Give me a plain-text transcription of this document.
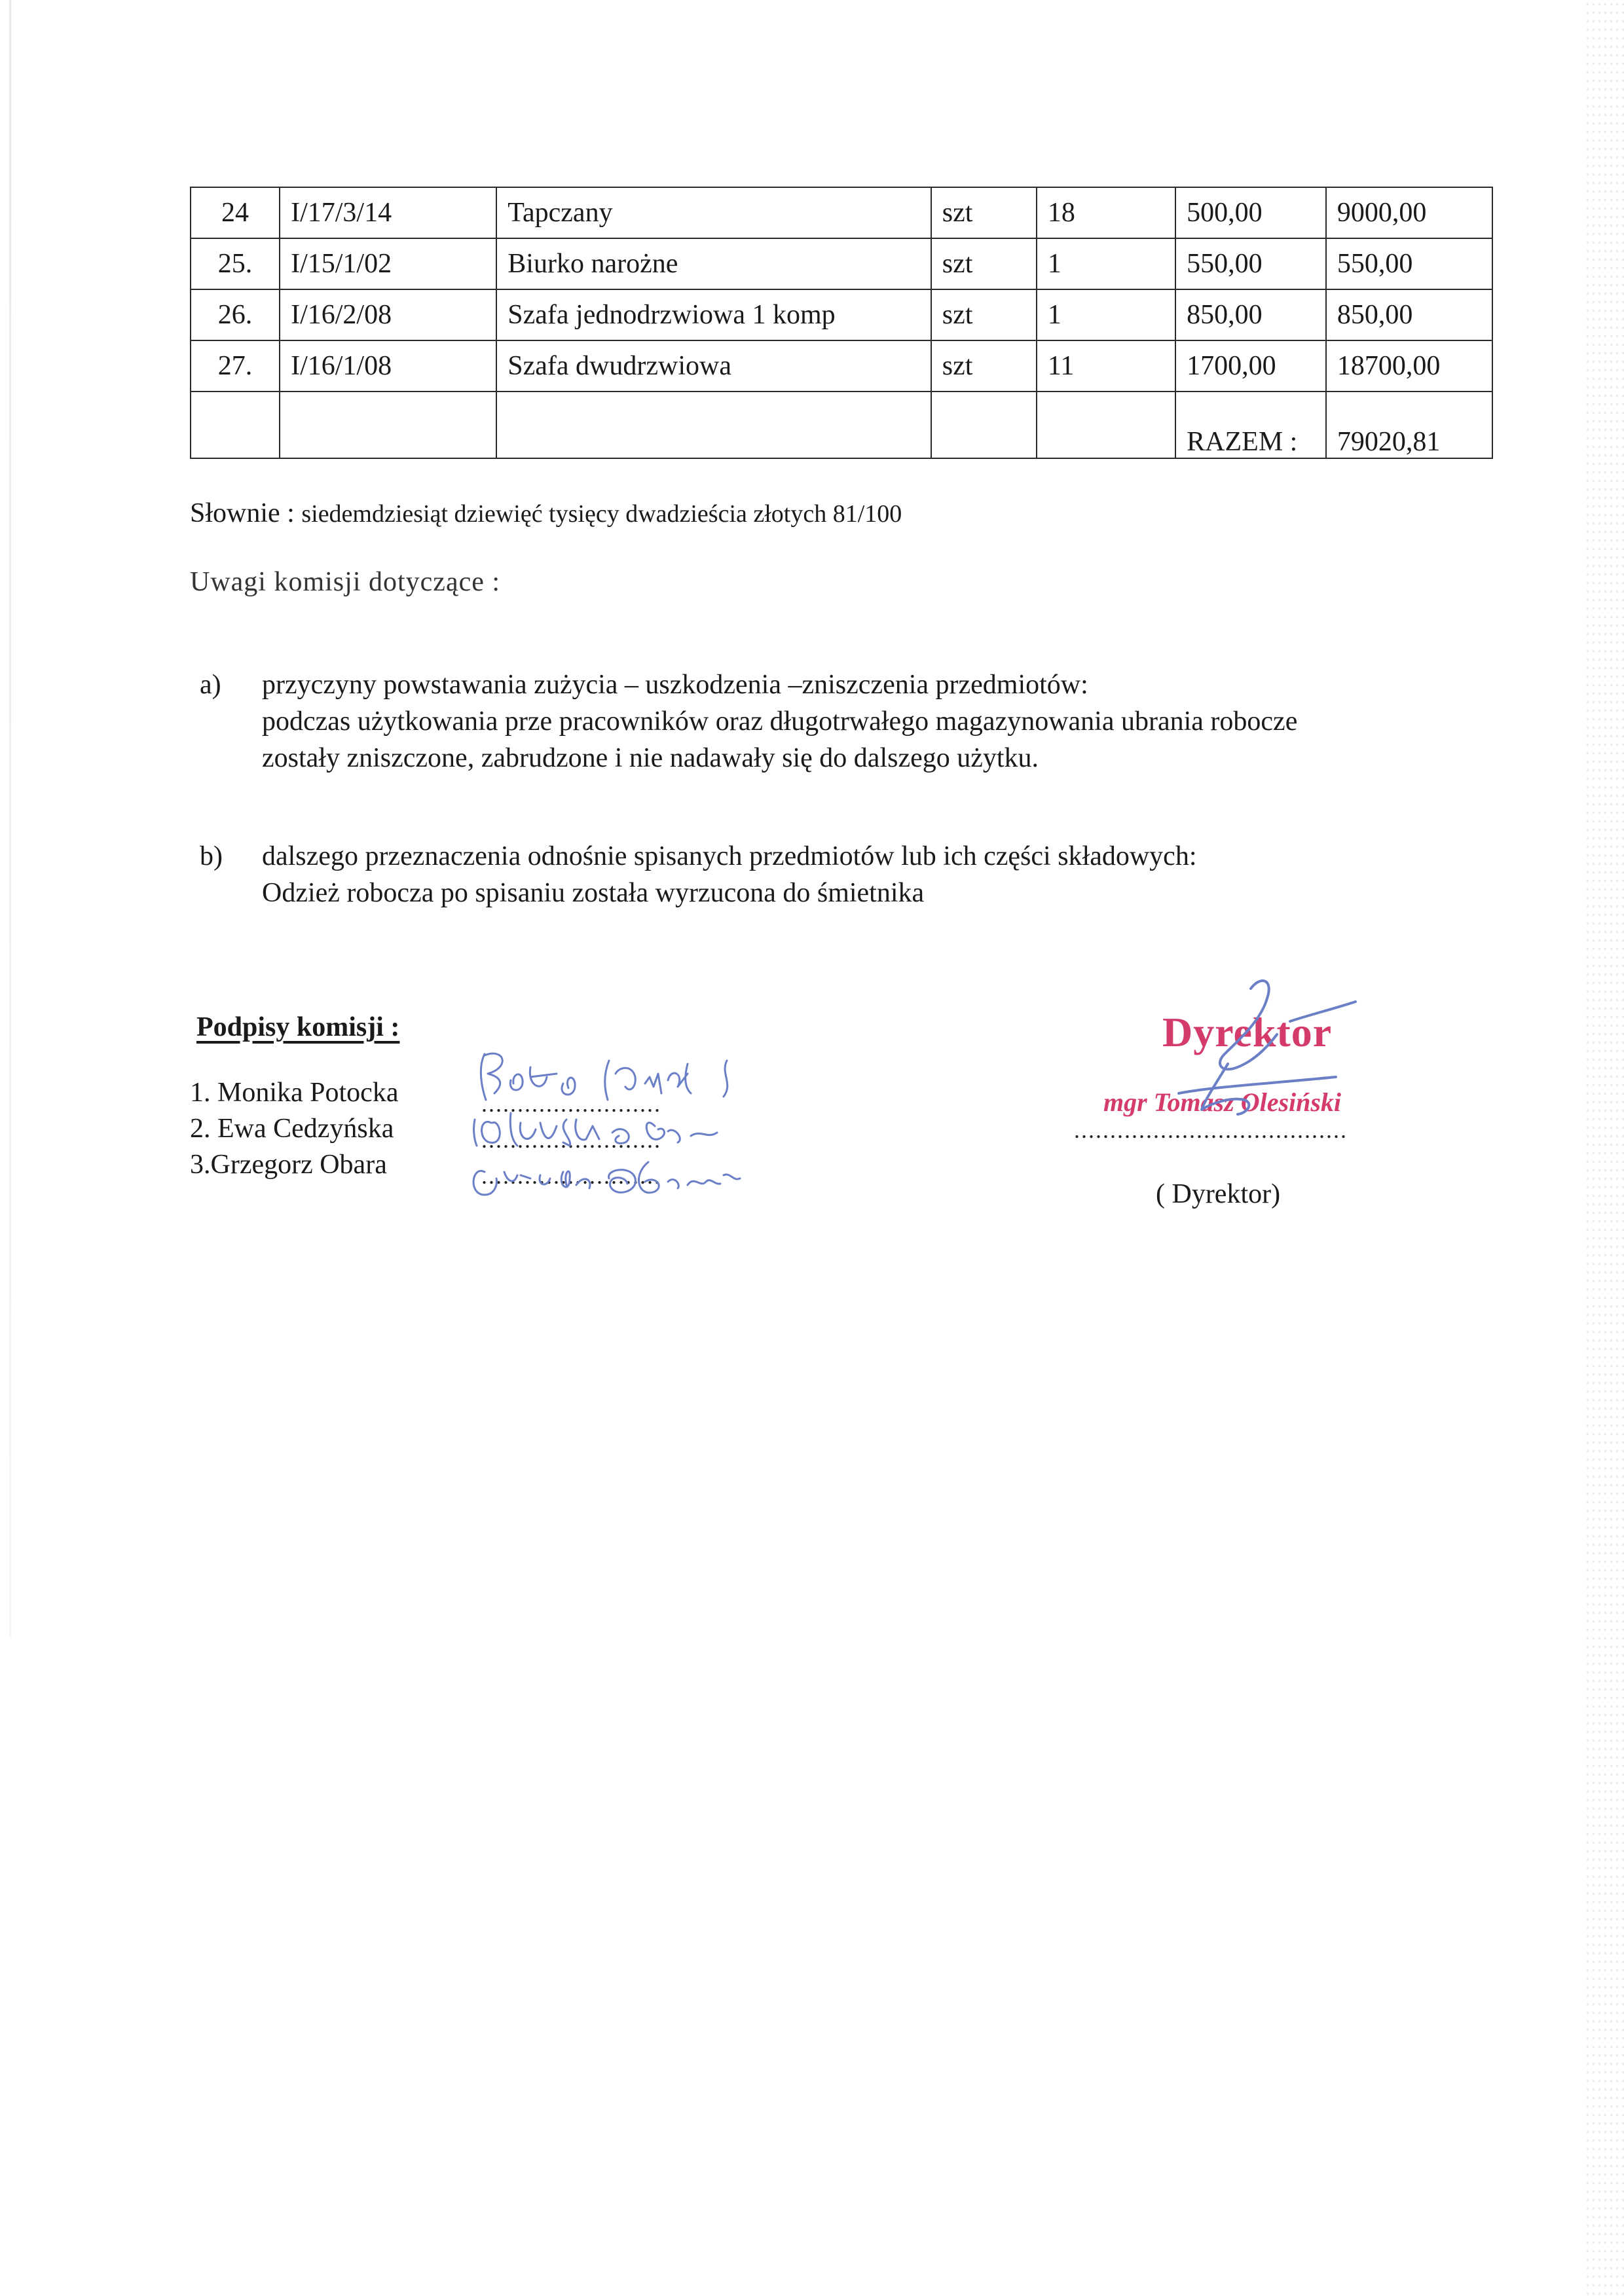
24	I/17/3/14	Tapczany	szt	18	500,00	9000,00
25.	I/15/1/02	Biurko narożne	szt	1	550,00	550,00
26.	I/16/2/08	Szafa jednodrzwiowa 1 komp	szt	1	850,00	850,00
27.	I/16/1/08	Szafa dwudrzwiowa	szt	11	1700,00	18700,00
					RAZEM :	79020,81
Słownie : siedemdziesiąt dziewięć tysięcy dwadzieścia złotych 81/100
Uwagi komisji dotyczące :
a) przyczyny powstawania zużycia – uszkodzenia –zniszczenia przedmiotów:
podczas użytkowania prze pracowników oraz długotrwałego magazynowania ubrania robocze
zostały zniszczone, zabrudzone i nie nadawały się do dalszego użytku.
b) dalszego przeznaczenia odnośnie spisanych przedmiotów lub ich części składowych:
Odzież robocza po spisaniu została wyrzucona do śmietnika
Podpisy komisji :
1. Monika Potocka
2. Ewa Cedzyńska
3.Grzegorz Obara
.........................
.........................
.........................
Dyrektor
mgr Tomasz Olesiński
......................................
( Dyrektor)
